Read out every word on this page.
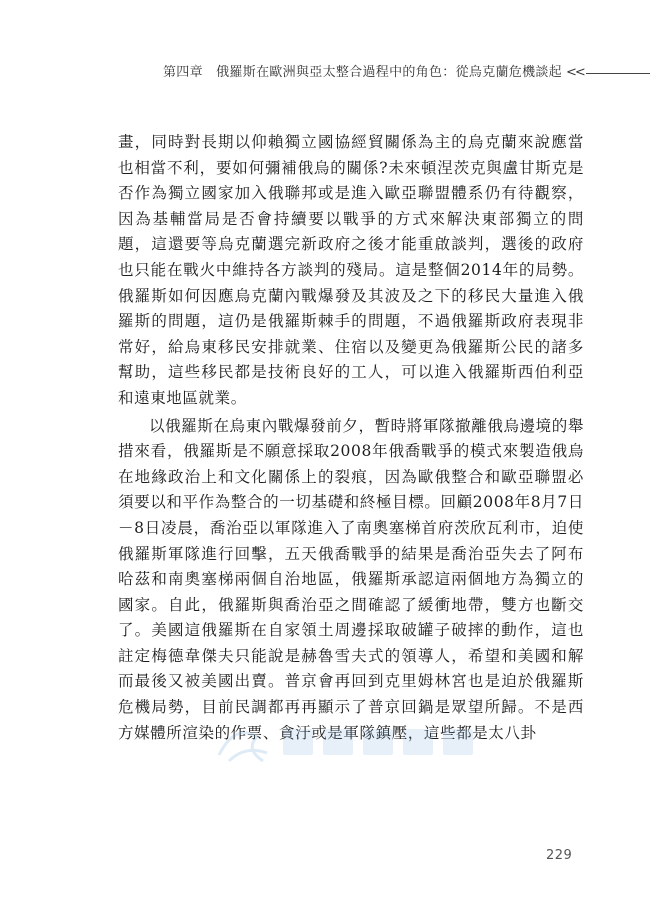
第四章　俄羅斯在歐洲與亞太整合過程中的角色：從烏克蘭危機談起 <<

畫，同時對長期以仰賴獨立國協經貿關係為主的烏克蘭來說應當也相當不利，要如何彌補俄烏的關係?未來頓涅茨克與盧甘斯克是否作為獨立國家加入俄聯邦或是進入歐亞聯盟體系仍有待觀察，因為基輔當局是否會持續要以戰爭的方式來解決東部獨立的問題，這還要等烏克蘭選完新政府之後才能重啟談判，選後的政府也只能在戰火中維持各方談判的殘局。這是整個2014年的局勢。俄羅斯如何因應烏克蘭內戰爆發及其波及之下的移民大量進入俄羅斯的問題，這仍是俄羅斯棘手的問題，不過俄羅斯政府表現非常好，給烏東移民安排就業、住宿以及變更為俄羅斯公民的諸多幫助，這些移民都是技術良好的工人，可以進入俄羅斯西伯利亞和遠東地區就業。

以俄羅斯在烏東內戰爆發前夕，暫時將軍隊撤離俄烏邊境的舉措來看，俄羅斯是不願意採取2008年俄喬戰爭的模式來製造俄烏在地緣政治上和文化關係上的裂痕，因為歐俄整合和歐亞聯盟必須要以和平作為整合的一切基礎和終極目標。回顧2008年8月7日－8日凌晨，喬治亞以軍隊進入了南奧塞梯首府茨欣瓦利市，迫使俄羅斯軍隊進行回擊，五天俄喬戰爭的結果是喬治亞失去了阿布哈茲和南奧塞梯兩個自治地區，俄羅斯承認這兩個地方為獨立的國家。自此，俄羅斯與喬治亞之間確認了緩衝地帶，雙方也斷交了。美國這俄羅斯在自家領土周邊採取破罐子破摔的動作，這也註定梅德韋傑夫只能說是赫魯雪夫式的領導人，希望和美國和解而最後又被美國出賣。普京會再回到克里姆林宮也是迫於俄羅斯危機局勢，目前民調都再再顯示了普京回鍋是眾望所歸。不是西方媒體所渲染的作票、貪汙或是軍隊鎮壓，這些都是太八卦

229
